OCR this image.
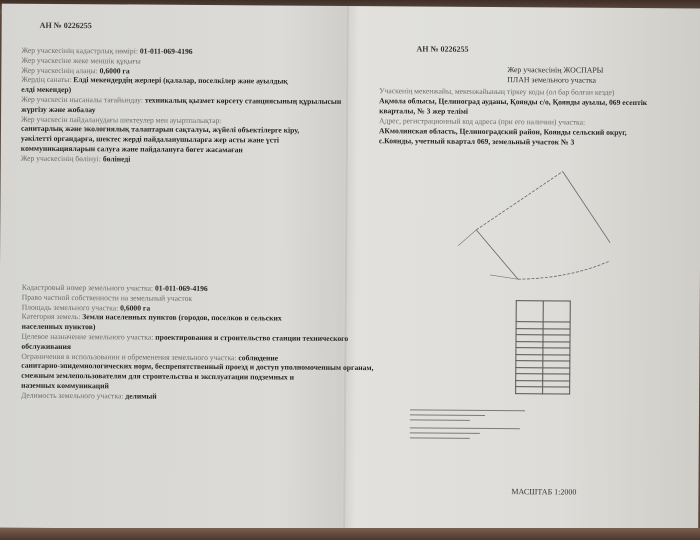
АН № 0226255
Жер учаскесінің кадастрлық нөмірі: 01-011-069-4196
Жер учаскесіне жеке меншік құқығы
Жер учаскесінің алаңы: 0,6000 га
Жердің санаты: Елді мекендердің жерлері (қалалар, поселкілер және ауылдық
елді мекендер)
Жер учаскесін нысаналы тағайындау: техникалық қызмет көрсету станциясының құрылысын
жүргізу және жобалау
Жер учаскесін пайдаланудағы шектеулер мен ауыртпалықтар:
санитарлық және экологиялық талаптарын сақталуы, жүйелі объектілерге кіру,
уәкілетті органдарға, шектес жерді пайдаланушыларға жер асты және үсті
коммуникацияларын салуға және пайдалануға бөгет жасамаған
Жер учаскесінің бөлінуі: бөлінеді
Кадастровый номер земельного участка: 01-011-069-4196
Право частной собственности на земельный участок
Площадь земельного участка: 0,6000 га
Категория земель: Земли населенных пунктов (городов, поселков и сельских
населенных пунктов)
Целевое назначение земельного участка: проектирования и строительство станции технического
обслуживания
Ограничения в использовании и обременения земельного участка: соблюдение
санитарно-эпидемиологических норм, беспрепятственный проезд и доступ уполномоченным органам,
смежным землепользователям для строительства и эксплуатации подземных и
наземных коммуникаций
Делимость земельного участка: делимый
АН № 0226255
Жер учаскесінің ЖОСПАРЫ
ПЛАН земельного участка
Учаскенің мекенжайы, мекенжайының тіркеу коды (ол бар болған кезде)
Ақмола облысы, Целиноград ауданы, Қоянды с/о, Қоянды ауылы, 069 есептік
кварталы, № 3 жер телімі
Адрес, регистрационный код адреса (при его наличии) участка:
АКмолинская область, Целиноградский район, Коянды сельский округ,
с.Коянды, учетный квартал 069, земельный участок № 3

МАСШТАБ 1:2000
